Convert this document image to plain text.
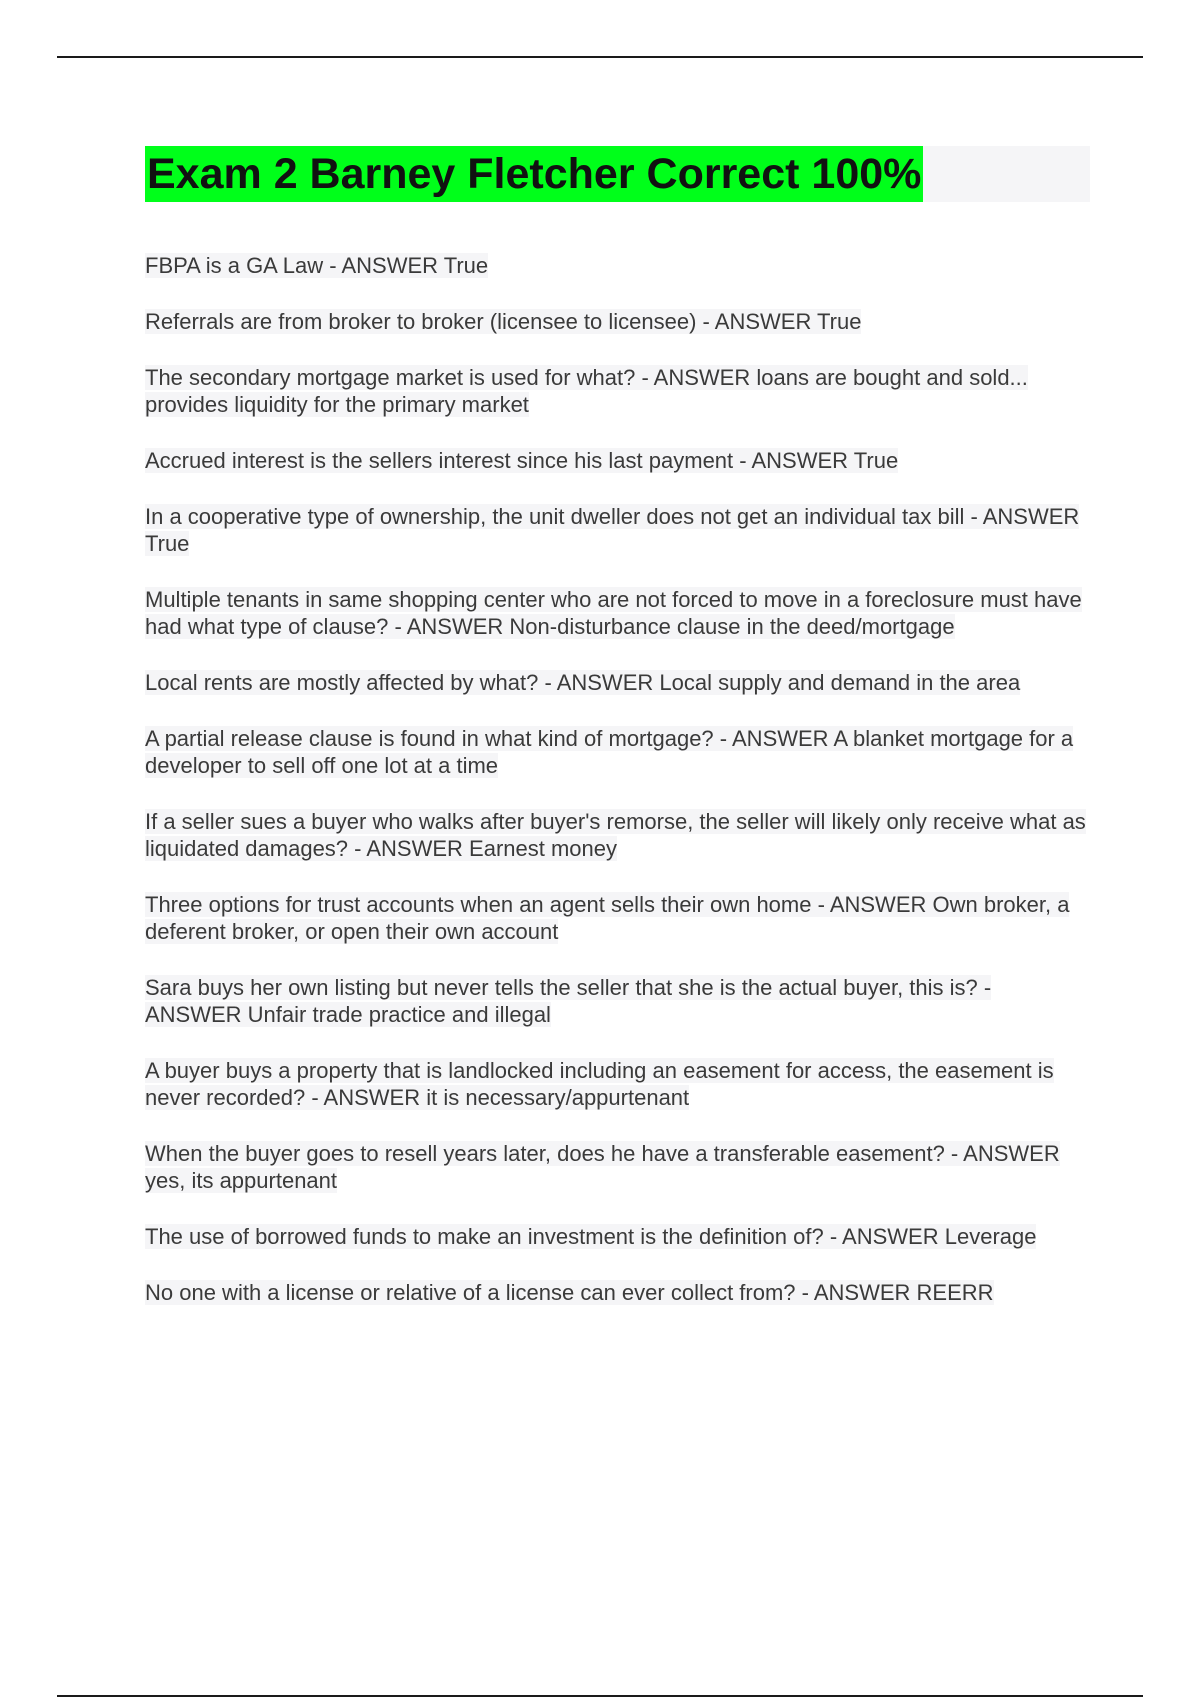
Exam 2 Barney Fletcher Correct 100%

FBPA is a GA Law - ANSWER True

Referrals are from broker to broker (licensee to licensee) - ANSWER True

The secondary mortgage market is used for what? - ANSWER loans are bought and sold... provides liquidity for the primary market

Accrued interest is the sellers interest since his last payment - ANSWER True

In a cooperative type of ownership, the unit dweller does not get an individual tax bill - ANSWER True

Multiple tenants in same shopping center who are not forced to move in a foreclosure must have had what type of clause? - ANSWER Non-disturbance clause in the deed/mortgage

Local rents are mostly affected by what? - ANSWER Local supply and demand in the area

A partial release clause is found in what kind of mortgage? - ANSWER A blanket mortgage for a developer to sell off one lot at a time

If a seller sues a buyer who walks after buyer's remorse, the seller will likely only receive what as liquidated damages? - ANSWER Earnest money

Three options for trust accounts when an agent sells their own home - ANSWER Own broker, a deferent broker, or open their own account

Sara buys her own listing but never tells the seller that she is the actual buyer, this is? - ANSWER Unfair trade practice and illegal

A buyer buys a property that is landlocked including an easement for access, the easement is never recorded? - ANSWER it is necessary/appurtenant

When the buyer goes to resell years later, does he have a transferable easement? - ANSWER yes, its appurtenant

The use of borrowed funds to make an investment is the definition of? - ANSWER Leverage

No one with a license or relative of a license can ever collect from? - ANSWER REERR
